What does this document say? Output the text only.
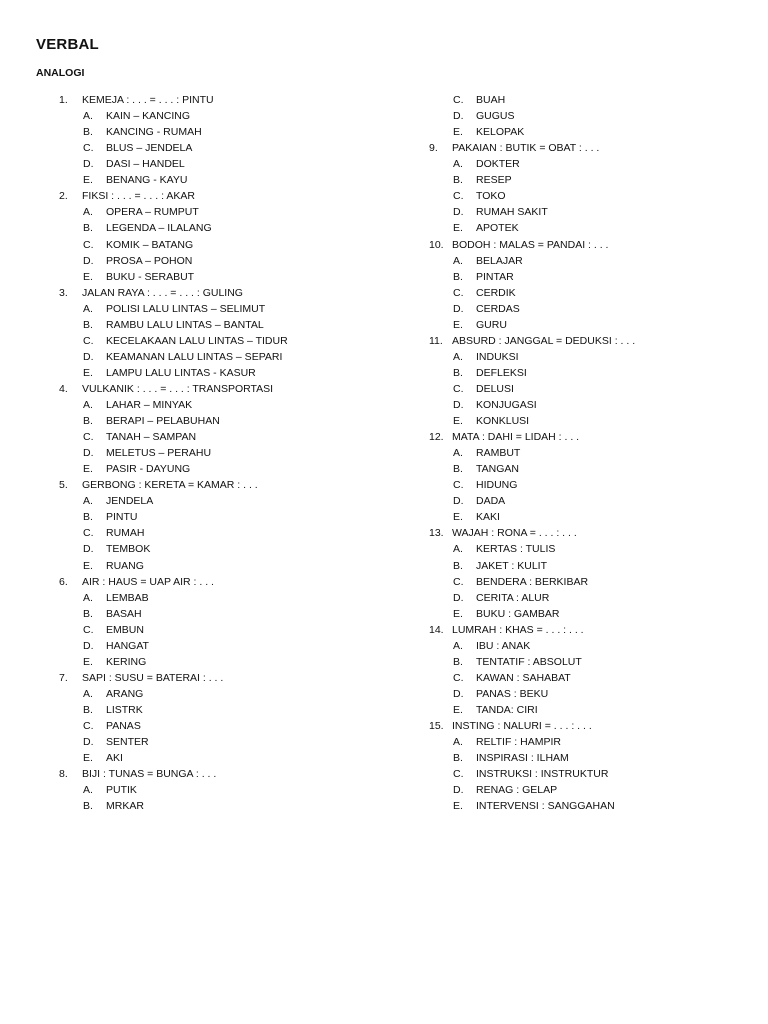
VERBAL
ANALOGI
1. KEMEJA : . . . = . . . : PINTU
A. KAIN – KANCING
B. KANCING - RUMAH
C. BLUS – JENDELA
D. DASI – HANDEL
E. BENANG - KAYU
2. FIKSI : . . . = . . . : AKAR
A. OPERA – RUMPUT
B. LEGENDA – ILALANG
C. KOMIK – BATANG
D. PROSA – POHON
E. BUKU - SERABUT
3. JALAN RAYA : . . . = . . . : GULING
A. POLISI LALU LINTAS – SELIMUT
B. RAMBU LALU LINTAS – BANTAL
C. KECELAKAAN LALU LINTAS – TIDUR
D. KEAMANAN LALU LINTAS – SEPARI
E. LAMPU LALU LINTAS - KASUR
4. VULKANIK : . . . = . . . : TRANSPORTASI
A. LAHAR – MINYAK
B. BERAPI – PELABUHAN
C. TANAH – SAMPAN
D. MELETUS – PERAHU
E. PASIR - DAYUNG
5. GERBONG : KERETA = KAMAR : . . .
A. JENDELA
B. PINTU
C. RUMAH
D. TEMBOK
E. RUANG
6. AIR : HAUS = UAP AIR : . . .
A. LEMBAB
B. BASAH
C. EMBUN
D. HANGAT
E. KERING
7. SAPI : SUSU = BATERAI : . . .
A. ARANG
B. LISTRK
C. PANAS
D. SENTER
E. AKI
8. BIJI : TUNAS = BUNGA : . . .
A. PUTIK
B. MRKAR
C. BUAH
D. GUGUS
E. KELOPAK
9. PAKAIAN : BUTIK = OBAT : . . .
A. DOKTER
B. RESEP
C. TOKO
D. RUMAH SAKIT
E. APOTEK
10. BODOH : MALAS = PANDAI : . . .
A. BELAJAR
B. PINTAR
C. CERDIK
D. CERDAS
E. GURU
11. ABSURD : JANGGAL = DEDUKSI : . . .
A. INDUKSI
B. DEFLEKSI
C. DELUSI
D. KONJUGASI
E. KONKLUSI
12. MATA : DAHI = LIDAH : . . .
A. RAMBUT
B. TANGAN
C. HIDUNG
D. DADA
E. KAKI
13. WAJAH : RONA = . . . : . . .
A. KERTAS : TULIS
B. JAKET : KULIT
C. BENDERA : BERKIBAR
D. CERITA : ALUR
E. BUKU : GAMBAR
14. LUMRAH : KHAS = . . . : . . .
A. IBU : ANAK
B. TENTATIF : ABSOLUT
C. KAWAN : SAHABAT
D. PANAS : BEKU
E. TANDA: CIRI
15. INSTING : NALURI = . . . : . . .
A. RELTIF : HAMPIR
B. INSPIRASI : ILHAM
C. INSTRUKSI : INSTRUKTUR
D. RENAG : GELAP
E. INTERVENSI : SANGGAHAN
